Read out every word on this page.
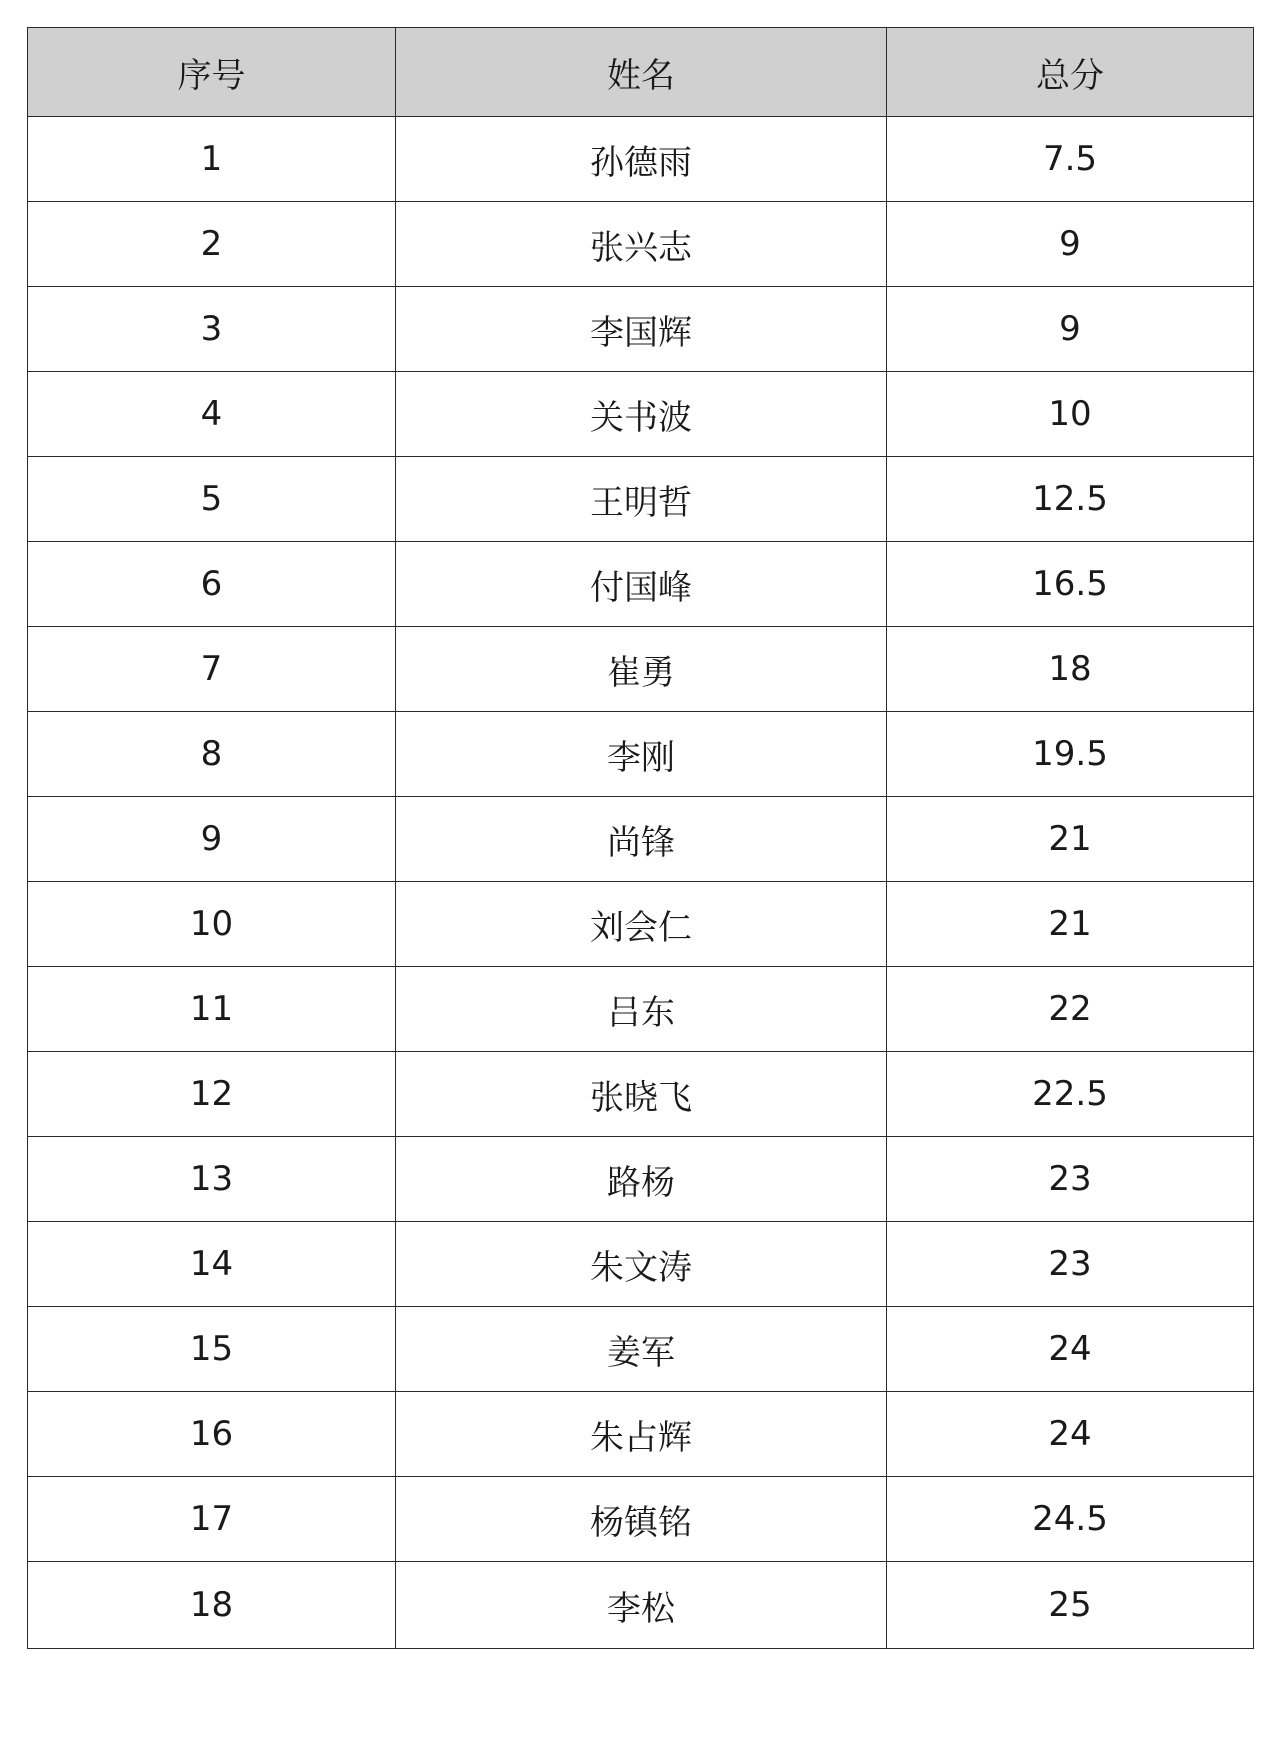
序号	姓名	总分
1	孙德雨	7.5
2	张兴志	9
3	李国辉	9
4	关书波	10
5	王明哲	12.5
6	付国峰	16.5
7	崔勇	18
8	李刚	19.5
9	尚锋	21
10	刘会仁	21
11	吕东	22
12	张晓飞	22.5
13	路杨	23
14	朱文涛	23
15	姜军	24
16	朱占辉	24
17	杨镇铭	24.5
18	李松	25
